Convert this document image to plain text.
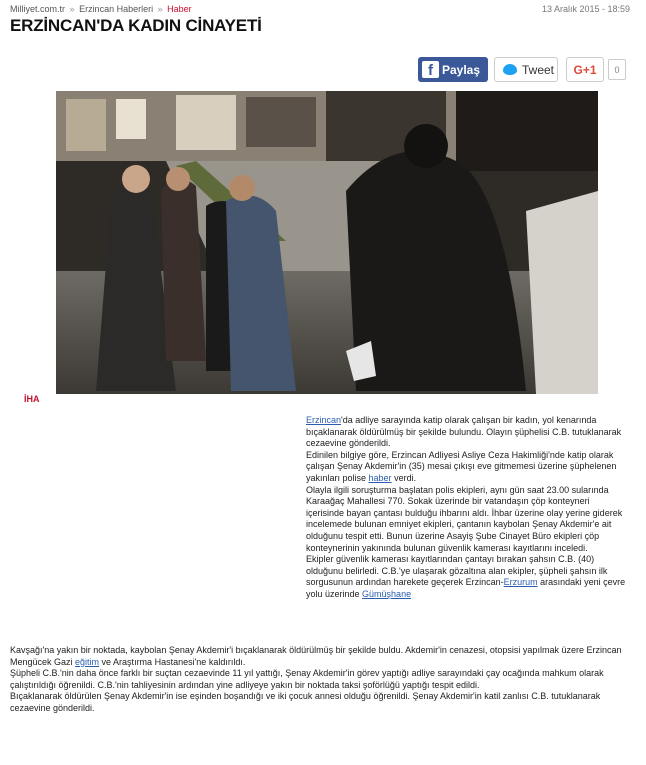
Milliyet.com.tr » Erzincan Haberleri » Haber	13 Aralık 2015 - 18:59
ERZİNCAN'DA KADIN CİNAYETİ
f Paylaş	Tweet G+1	0
İHA

Erzincan'da adliye sarayında katip olarak çalışan bir kadın, yol kenarında bıçaklanarak öldürülmüş bir şekilde bulundu. Olayın şüphelisi C.B. tutuklanarak cezaevine gönderildi.

Edinilen bilgiye göre, Erzincan Adliyesi Asliye Ceza Hakimliği'nde katip olarak çalışan Şenay Akdemir'in (35) mesai çıkışı eve gitmemesi üzerine şüphelenen yakınları polise haber verdi.

Olayla ilgili soruşturma başlatan polis ekipleri, aynı gün saat 23.00 sularında Karaağaç Mahallesi 770. Sokak üzerinde bir vatandaşın çöp konteyneri içerisinde bayan çantası bulduğu ihbarını aldı. İhbar üzerine olay yerine giderek incelemede bulunan emniyet ekipleri, çantanın kaybolan Şenay Akdemir'e ait olduğunu tespit etti. Bunun üzerine Asayiş Şube Cinayet Büro ekipleri çöp konteynerinin yakınında bulunan güvenlik kamerası kayıtlarını inceledi.

Ekipler güvenlik kamerası kayıtlarından çantayı bırakan şahsın C.B. (40) olduğunu belirledi. C.B.'ye ulaşarak gözaltına alan ekipler, şüpheli şahsın ilk sorgusunun ardından harekete geçerek Erzincan-Erzurum arasındaki yeni çevre yolu üzerinde Gümüşhane

Kavşağı'na yakın bir noktada, kaybolan Şenay Akdemir'i bıçaklanarak öldürülmüş bir şekilde buldu. Akdemir'in cenazesi, otopsisi yapılmak üzere Erzincan Mengücek Gazi eğitim ve Araştırma Hastanesi'ne kaldırıldı.

Şüpheli C.B.'nin daha önce farklı bir suçtan cezaevinde 11 yıl yattığı, Şenay Akdemir'in görev yaptığı adliye sarayındaki çay ocağında mahkum olarak çalıştırıldığı öğrenildi. C.B.'nin tahliyesinin ardından yine adliyeye yakın bir noktada taksi şoförlüğü yaptığı tespit edildi.

Bıçaklanarak öldürülen Şenay Akdemir'in ise eşinden boşandığı ve iki çocuk annesi olduğu öğrenildi. Şenay Akdemir'in katil zanlısı C.B. tutuklanarak cezaevine gönderildi.
